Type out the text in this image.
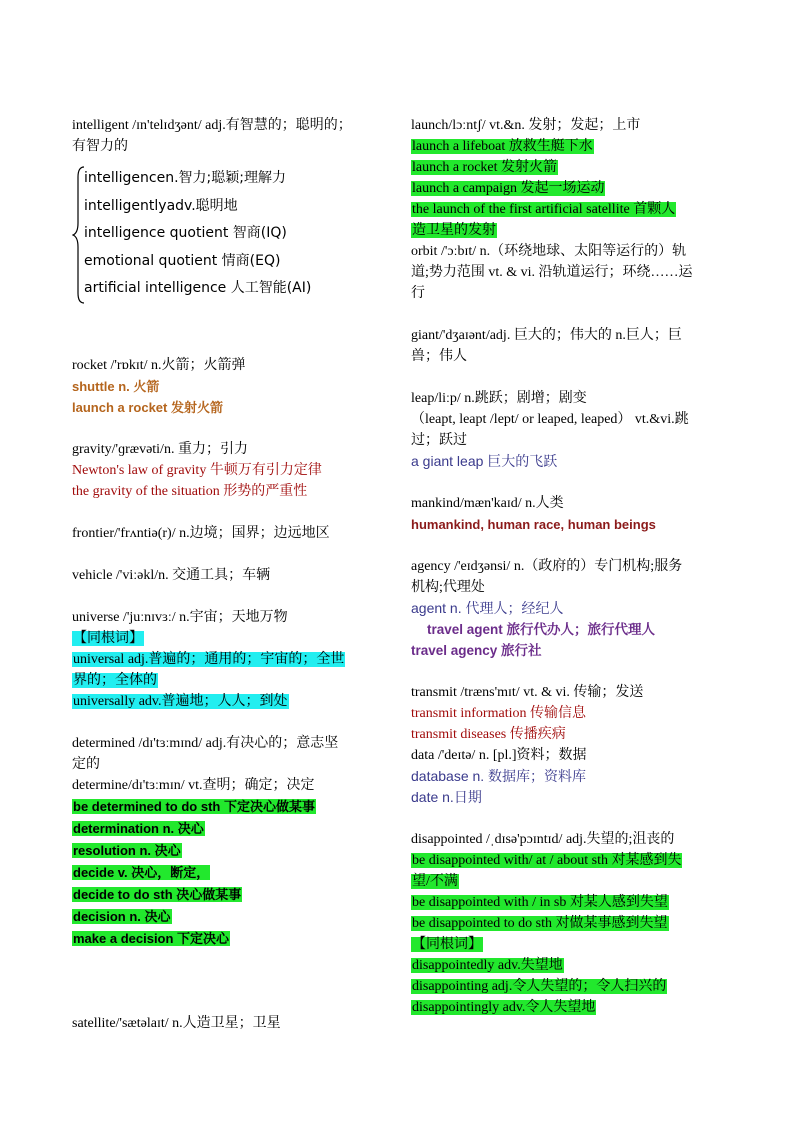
intelligent /ɪn'telɪdʒənt/ adj.有智慧的；聪明的；
有智力的
intelligencen.智力;聪颖;理解力
intelligentlyadv.聪明地
intelligence quotient 智商(IQ)
emotional quotient 情商(EQ)
artificial intelligence 人工智能(AI)
rocket /'rɒkɪt/ n.火箭；火箭弹
shuttle n. 火箭
launch a rocket 发射火箭
gravity/'ɡrævəti/n. 重力；引力
Newton's law of gravity 牛顿万有引力定律
the gravity of the situation 形势的严重性
frontier/'frʌntiə(r)/ n.边境；国界；边远地区
vehicle /'viːəkl/n. 交通工具；车辆
universe /'juːnɪvɜː/ n.宇宙；天地万物
【同根词】
universal adj.普遍的；通用的；宇宙的；全世
界的；全体的
universally adv.普遍地；人人；到处
determined /dɪ'tɜːmɪnd/ adj.有决心的；意志坚
定的
determine/dɪ'tɜːmɪn/ vt.查明；确定；决定
be determined to do sth 下定决心做某事
determination n. 决心
resolution n. 决心
decide v. 决心，断定，
decide to do sth 决心做某事
decision n. 决心
make a decision 下定决心
satellite/'sætəlaɪt/ n.人造卫星；卫星
launch/lɔːntʃ/ vt.&n. 发射；发起；上市
launch a lifeboat 放救生艇下水
launch a rocket 发射火箭
launch a campaign 发起一场运动
the launch of the first artificial satellite 首颗人
造卫星的发射
orbit /'ɔːbɪt/ n.（环绕地球、太阳等运行的）轨
道;势力范围 vt. & vi. 沿轨道运行；环绕……运
行
giant/'dʒaɪənt/adj. 巨大的；伟大的 n.巨人；巨
兽；伟人
leap/liːp/ n.跳跃；剧增；剧变
（leapt, leapt /lept/ or leaped, leaped） vt.&vi.跳
过；跃过
a giant leap 巨大的飞跃
mankind/mæn'kaɪd/ n.人类
humankind, human race, human beings
agency /'eɪdʒənsi/ n.（政府的）专门机构;服务
机构;代理处
agent n. 代理人；经纪人
travel agent 旅行代办人；旅行代理人
travel agency 旅行社
transmit /træns'mɪt/ vt. & vi. 传输；发送
transmit information 传输信息
transmit diseases 传播疾病
data /'deɪtə/ n. [pl.]资料；数据
database n. 数据库；资料库
date n.日期
disappointed /ˌdɪsə'pɔɪntɪd/ adj.失望的;沮丧的
be disappointed with/ at / about sth 对某感到失
望/不满
be disappointed with / in sb 对某人感到失望
be disappointed to do sth 对做某事感到失望
【同根词】
disappointedly adv.失望地
disappointing adj.令人失望的；令人扫兴的
disappointingly adv.令人失望地
